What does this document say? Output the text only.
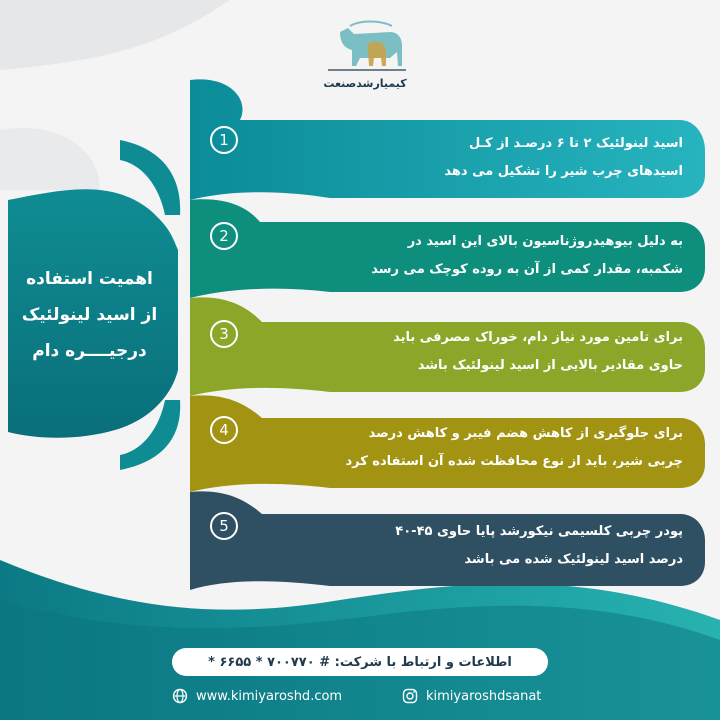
کیمیارشدصنعت
اهمیت استفاده
از اسید لینولئیک
درجیــــره دام
1	اسید لینولئیک ۲ تا ۶ درصـد از کـل
اسیدهای چرب شیر را تشکیل می دهد
2	به دلیل بیوهیدروژناسیون بالای این اسید در
شکمبه، مقدار کمی از آن به روده کوچک می رسد
3	برای تامین مورد نیاز دام، خوراک مصرفی باید
حاوی مقادیر بالایی از اسید لینولئیک باشد
4	برای جلوگیری از کاهش هضم فیبر و کاهش درصد
چربی شیر، باید از نوع محافظت شده آن استفاده کرد
5	پودر چربی کلسیمی نیکورشد پایا حاوی ۴۵-۴۰
درصد اسید لینولئیک شده می باشد
اطلاعات و ارتباط با شرکت: # ۷۰۰۷۷۰ * ۶۶۵۵ *
www.kimiyaroshd.com	kimiyaroshdsanat
